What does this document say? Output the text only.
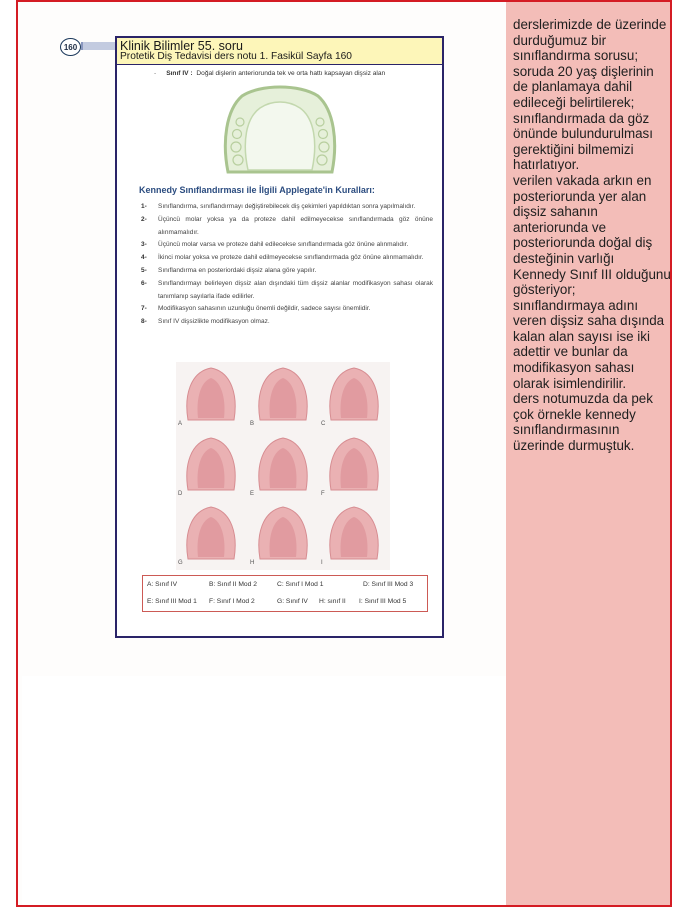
160	Klinik Bilimler 55. soru
Protetik Diş Tedavisi ders notu 1. Fasikül Sayfa 160
- Sınıf IV : Doğal dişlerin anteriorunda tek ve orta hattı kapsayan dişsiz alan
Kennedy Sınıflandırması ile İlgili Applegate'in Kuralları:
1- Sınıflandırma, sınıflandırmayı değiştirebilecek diş çekimleri yapıldıktan sonra yapılmalıdır.
2- Üçüncü molar yoksa ya da proteze dahil edilmeyecekse sınıflandırmada göz önüne alınmamalıdır.
3- Üçüncü molar varsa ve proteze dahil edilecekse sınıflandırmada göz önüne alınmalıdır.
4- İkinci molar yoksa ve proteze dahil edilmeyecekse sınıflandırmada göz önüne alınmamalıdır.
5- Sınıflandırma en posteriordaki dişsiz alana göre yapılır.
6- Sınıflandırmayı belirleyen dişsiz alan dışındaki tüm dişsiz alanlar modifikasyon sahası olarak tanımlanıp sayılarla ifade edilirler.
7- Modifikasyon sahasının uzunluğu önemli değildir, sadece sayısı önemlidir.
8- Sınıf IV dişsizlikte modifikasyon olmaz.
A	B	C
D	E	F
G	H	I
A: Sınıf IV	B: Sınıf II Mod 2	C: Sınıf I Mod 1	D: Sınıf III Mod 3
E: Sınıf III Mod 1 F: Sınıf I Mod 2	G: Sınıf IV H: sınıf II I: Sınıf III Mod 5
derslerimizde de üzerinde
durduğumuz bir
sınıflandırma sorusu;
soruda 20 yaş dişlerinin
de planlamaya dahil
edileceği belirtilerek;
sınıflandırmada da göz
önünde bulundurulması
gerektiğini bilmemizi
hatırlatıyor.
verilen vakada arkın en
posteriorunda yer alan
dişsiz sahanın
anteriorunda ve
posteriorunda doğal diş
desteğinin varlığı
Kennedy Sınıf III olduğunu
gösteriyor;
sınıflandırmaya adını
veren dişsiz saha dışında
kalan alan sayısı ise iki
adettir ve bunlar da
modifikasyon sahası
olarak isimlendirilir.
ders notumuzda da pek
çok örnekle kennedy
sınıflandırmasının
üzerinde durmuştuk.
